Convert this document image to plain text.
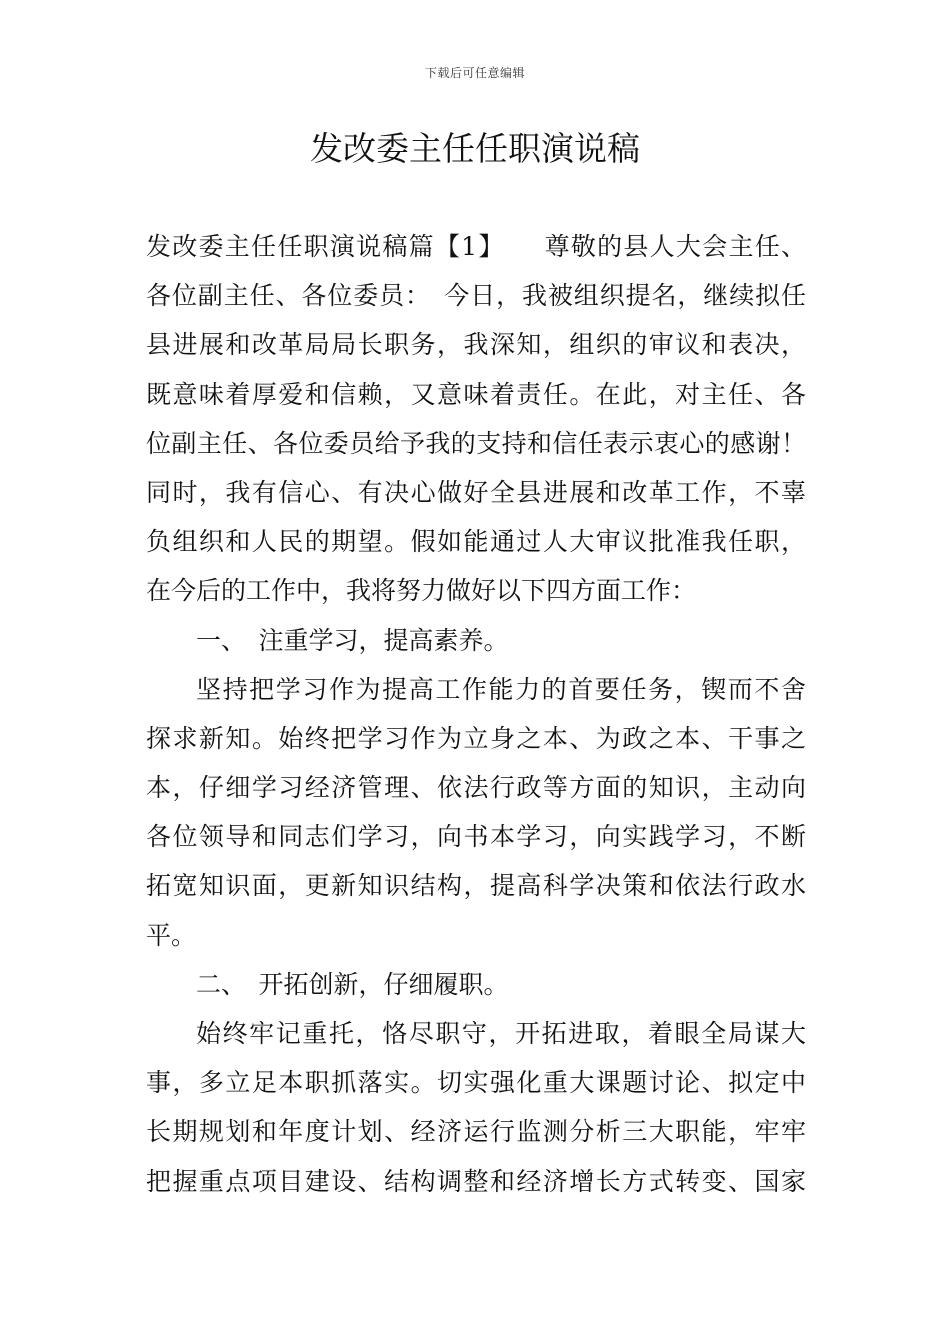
下载后可任意编辑
发改委主任任职演说稿
发改委主任任职演说稿篇【1】　　尊敬的县人大会主任、
各位副主任、各位委员：　今日，我被组织提名，继续拟任
县进展和改革局局长职务，我深知，组织的审议和表决，
既意味着厚爱和信赖，又意味着责任。在此，对主任、各
位副主任、各位委员给予我的支持和信任表示衷心的感谢！
同时，我有信心、有决心做好全县进展和改革工作，不辜
负组织和人民的期望。假如能通过人大审议批准我任职，
在今后的工作中，我将努力做好以下四方面工作：
一、　注重学习，提高素养。
坚持把学习作为提高工作能力的首要任务，锲而不舍
探求新知。始终把学习作为立身之本、为政之本、干事之
本，仔细学习经济管理、依法行政等方面的知识，主动向
各位领导和同志们学习，向书本学习，向实践学习，不断
拓宽知识面，更新知识结构，提高科学决策和依法行政水
平。
二、　开拓创新，仔细履职。
始终牢记重托，恪尽职守，开拓进取，着眼全局谋大
事，多立足本职抓落实。切实强化重大课题讨论、拟定中
长期规划和年度计划、经济运行监测分析三大职能，牢牢
把握重点项目建设、结构调整和经济增长方式转变、国家
